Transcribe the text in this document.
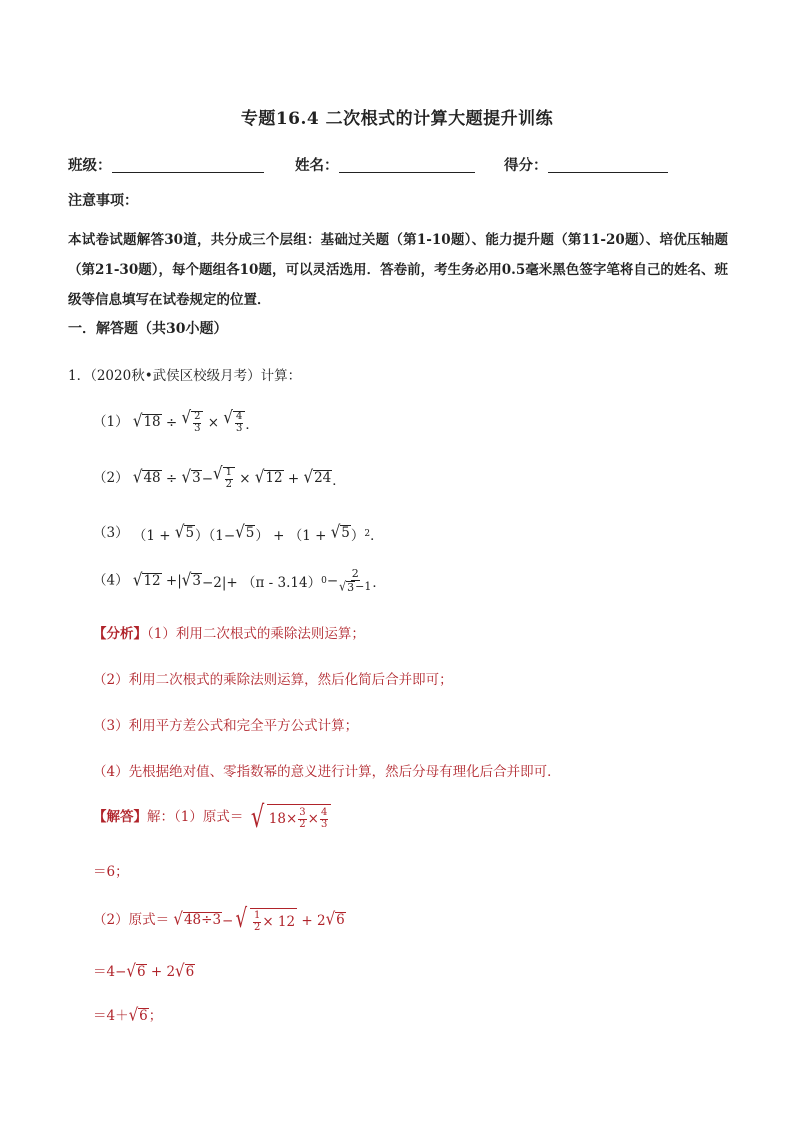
专题16.4 二次根式的计算大题提升训练
班级：	姓名：	得分：
注意事项：
本试卷试题解答30道，共分成三个层组：基础过关题（第1-10题）、能力提升题（第11-20题）、培优压轴题（第21-30题），每个题组各10题，可以灵活选用．答卷前，考生务必用0.5毫米黑色签字笔将自己的姓名、班级等信息填写在试卷规定的位置．
一．解答题（共30小题）
1．（2020秋•武侯区校级月考）计算：
（1） √ 18 ÷ √ $\frac{2}{3}$ × √ $\frac{4}{3}$ ．
（2） √ 48 ÷ √ 3 − √ $\frac{1}{2}$ × √ 12 + √ 24 ．
（3） （1 + √ 5 ）（1− √ 5 ） + （1 + √ 5 ） 2 ．
（4） √ 12 +| √ 3 −2|+ （π - 3.14） $0 - \frac{2}{√ 3 -1}$ ．
【分析】（1）利用二次根式的乘除法则运算；
（2）利用二次根式的乘除法则运算，然后化简后合并即可；
（3）利用平方差公式和完全平方公式计算；
（4）先根据绝对值、零指数幂的意义进行计算，然后分母有理化后合并即可．
【解答】解：（1）原式＝ √ $18\times \frac{3}{2} \times \frac{4}{3}$
＝6；
（2）原式＝ √ 48÷3 − √ $\frac{1}{2} \times 12 + 2$ √ 6
＝4− √ 6 + 2 √ 6
＝4＋ √ 6 ；
